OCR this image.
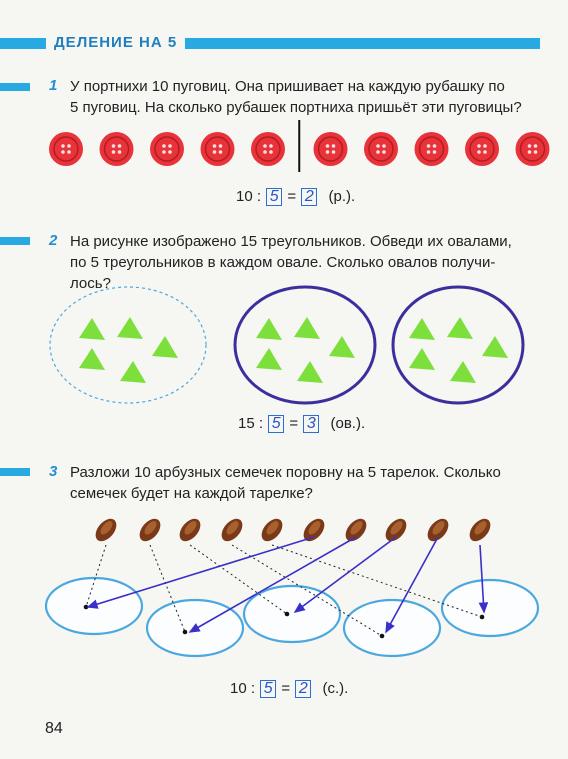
ДЕЛЕНИЕ НА 5
1 У портнихи 10 пуговиц. Она пришивает на каждую рубашку по
5 пуговиц. На сколько рубашек портниха пришьёт эти пуговицы?
10 : 5 = 2 (р.).
2 На рисунке изображено 15 треугольников. Обведи их овалами,
по 5 треугольников в каждом овале. Сколько овалов получи-
лось?
15 : 5 = 3 (ов.).
3 Разложи 10 арбузных семечек поровну на 5 тарелок. Сколько
семечек будет на каждой тарелке?
10 : 5 = 2 (с.).
84
